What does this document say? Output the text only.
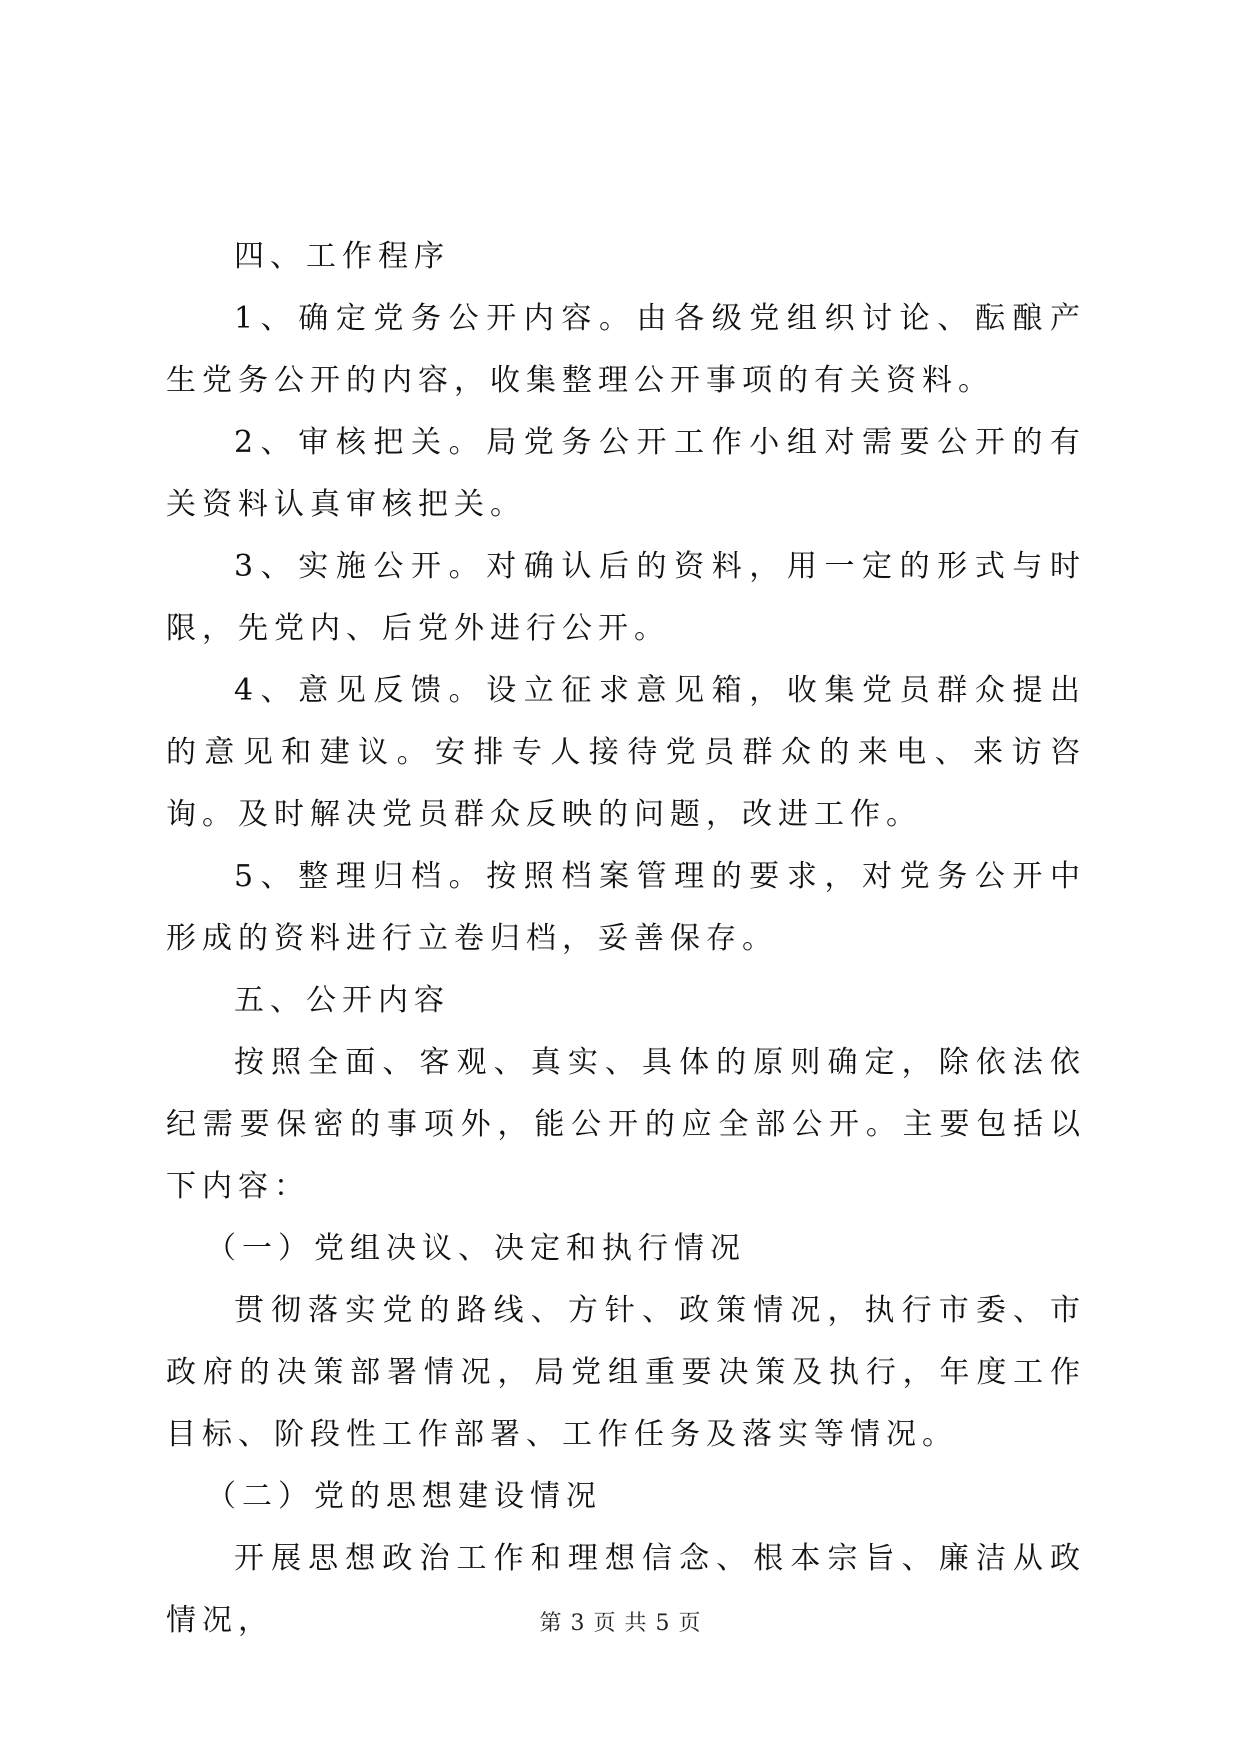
四、工作程序

1、确定党务公开内容。由各级党组织讨论、酝酿产生党务公开的内容，收集整理公开事项的有关资料。

2、审核把关。局党务公开工作小组对需要公开的有关资料认真审核把关。

3、实施公开。对确认后的资料，用一定的形式与时限，先党内、后党外进行公开。

4、意见反馈。设立征求意见箱，收集党员群众提出的意见和建议。安排专人接待党员群众的来电、来访咨询。及时解决党员群众反映的问题，改进工作。

5、整理归档。按照档案管理的要求，对党务公开中形成的资料进行立卷归档，妥善保存。

五、公开内容

按照全面、客观、真实、具体的原则确定，除依法依纪需要保密的事项外，能公开的应全部公开。主要包括以下内容：

（一）党组决议、决定和执行情况

贯彻落实党的路线、方针、政策情况，执行市委、市政府的决策部署情况，局党组重要决策及执行，年度工作目标、阶段性工作部署、工作任务及落实等情况。

（二）党的思想建设情况

开展思想政治工作和理想信念、根本宗旨、廉洁从政情况，	第 3 页 共 5 页
